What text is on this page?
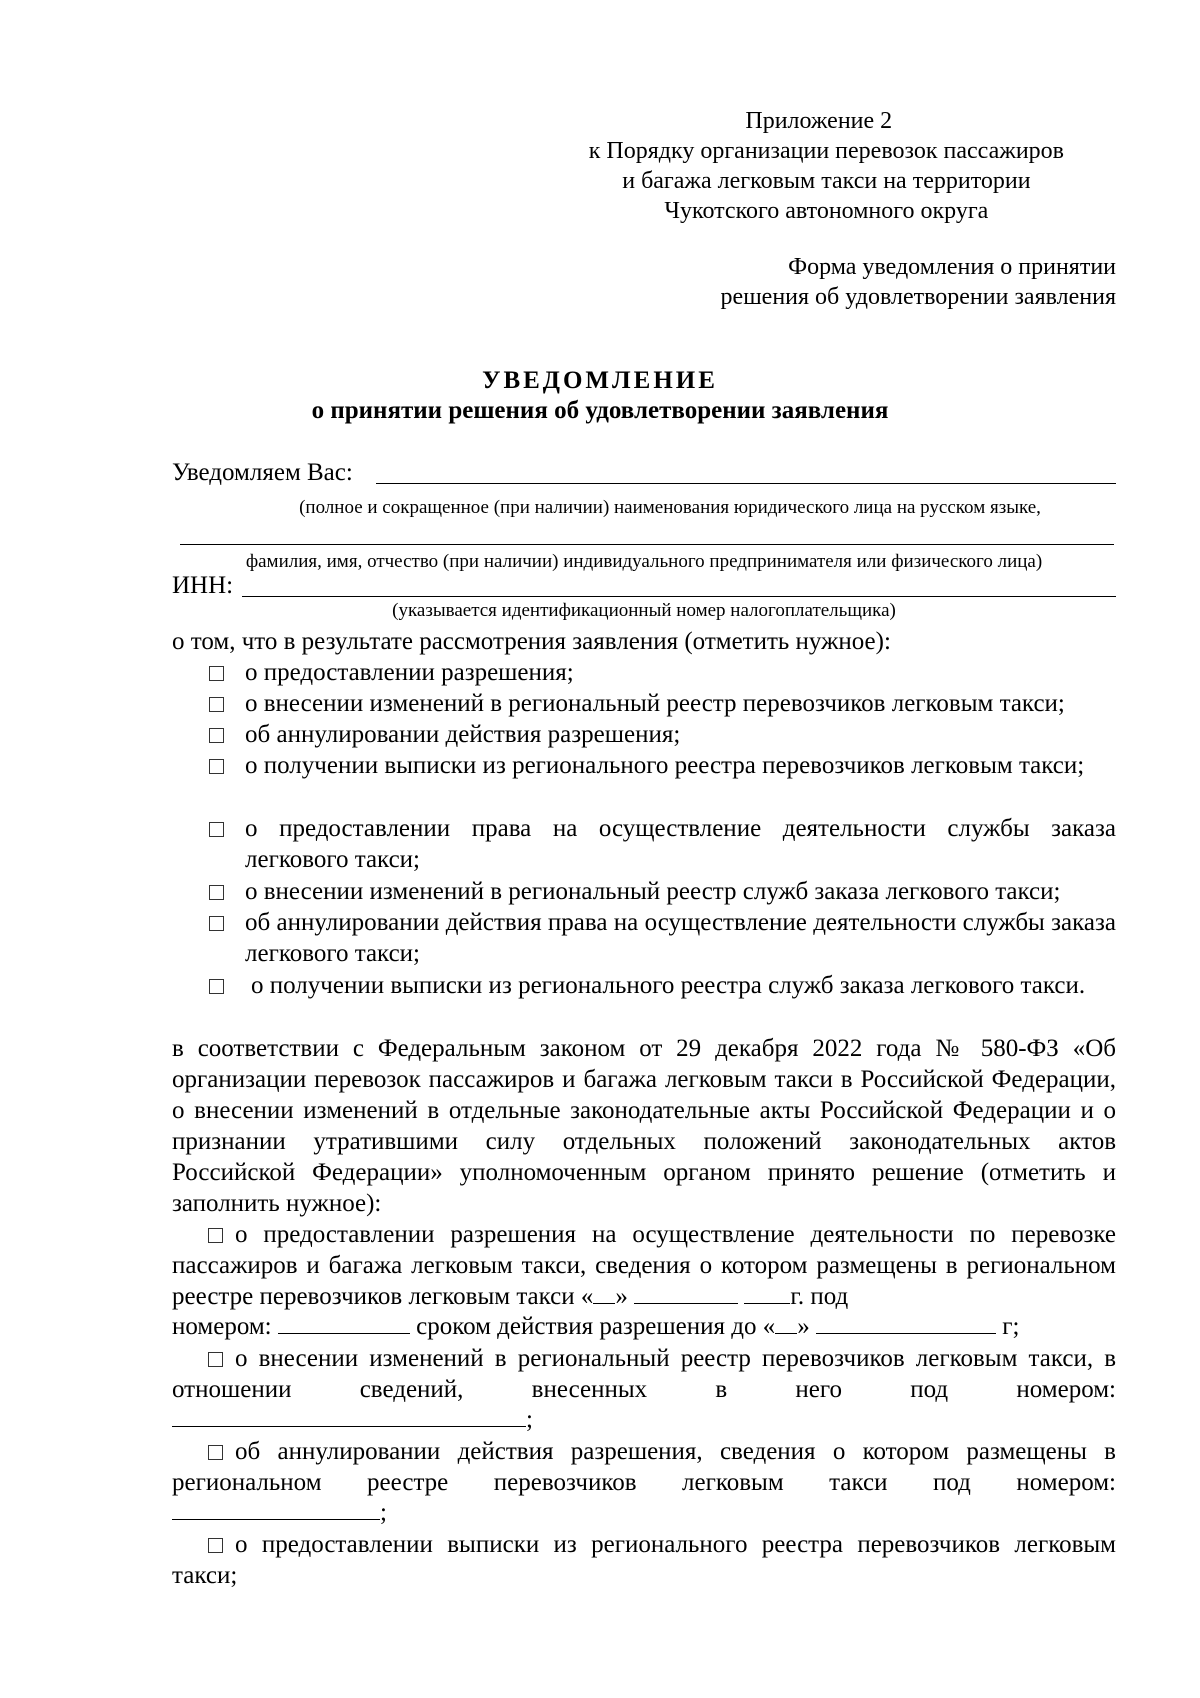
Приложение 2
к Порядку организации перевозок пассажиров
и багажа легковым такси на территории
Чукотского автономного округа
Форма уведомления о принятии
решения об удовлетворении заявления
УВЕДОМЛЕНИЕ
о принятии решения об удовлетворении заявления
Уведомляем Вас:
(полное и сокращенное (при наличии) наименования юридического лица на русском языке,
фамилия, имя, отчество (при наличии) индивидуального предпринимателя или физического лица)
ИНН:
(указывается идентификационный номер налогоплательщика)
о том, что в результате рассмотрения заявления (отметить нужное):
о предоставлении разрешения;
о внесении изменений в региональный реестр перевозчиков легковым такси;
об аннулировании действия разрешения;
о получении выписки из регионального реестра перевозчиков легковым такси;
о предоставлении права на осуществление деятельности службы заказа легкового такси;
о внесении изменений в региональный реестр служб заказа легкового такси;
об аннулировании действия права на осуществление деятельности службы заказа легкового такси;
о получении выписки из регионального реестра служб заказа легкового такси.
в соответствии с Федеральным законом от 29 декабря 2022 года № 580-ФЗ «Об организации перевозок пассажиров и багажа легковым такси в Российской Федерации, о внесении изменений в отдельные законодательные акты Российской Федерации и о признании утратившими силу отдельных положений законодательных актов Российской Федерации» уполномоченным органом принято решение (отметить и заполнить нужное):
о предоставлении разрешения на осуществление деятельности по перевозке пассажиров и багажа легковым такси, сведения о котором размещены в региональном реестре перевозчиков легковым такси « »	г. под
номером:	сроком действия разрешения до « »	г;
о внесении изменений в региональный реестр перевозчиков легковым такси, в отношении сведений, внесенных в него под номером:
;
об аннулировании действия разрешения, сведения о котором размещены в региональном реестре перевозчиков легковым такси под номером:
;
о предоставлении выписки из регионального реестра перевозчиков легковым такси;
